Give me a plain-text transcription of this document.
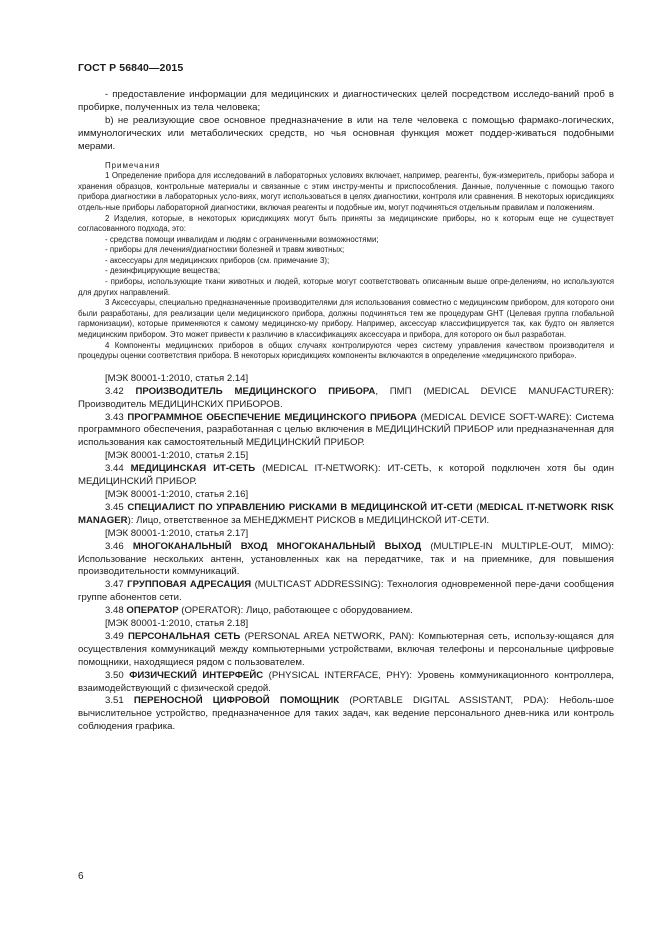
ГОСТ Р 56840—2015

- предоставление информации для медицинских и диагностических целей посредством исследо-ваний проб в пробирке, полученных из тела человека;

b) не реализующие свое основное предназначение в или на теле человека с помощью фармако-логических, иммунологических или метаболических средств, но чья основная функция может поддер-живаться подобными мерами.

Примечания

1 Определение прибора для исследований в лабораторных условиях включает, например, реагенты, буж-измеритель, приборы забора и хранения образцов, контрольные материалы и связанные с этим инстру-менты и приспособления. Данные, полученные с помощью такого прибора диагностики в лабораторных усло-виях, могут использоваться в целях диагностики, контроля или сравнения. В некоторых юрисдикциях отдель-ные приборы лабораторной диагностики, включая реагенты и подобные им, могут подчиняться отдельным правилам и положениям.

2 Изделия, которые, в некоторых юрисдикциях могут быть приняты за медицинские приборы, но к которым еще не существует согласованного подхода, это:

- средства помощи инвалидам и людям с ограниченными возможностями;

- приборы для лечения/диагностики болезней и травм животных;

- аксессуары для медицинских приборов (см. примечание 3);

- дезинфицирующие вещества;

- приборы, использующие ткани животных и людей, которые могут соответствовать описанным выше опре-делениям, но используются для других направлений.

3 Аксессуары, специально предназначенные производителями для использования совместно с медицинским прибором, для которого они были разработаны, для реализации цели медицинского прибора, должны подчиняться тем же процедурам GHT (Целевая группа глобальной гармонизации), которые применяются к самому медицинско-му прибору. Например, аксессуар классифицируется так, как будто он является медицинским прибором. Это может привести к различию в классификациях аксессуара и прибора, для которого он был разработан.

4 Компоненты медицинских приборов в общих случаях контролируются через систему управления качеством производителя и процедуры оценки соответствия прибора. В некоторых юрисдикциях компоненты включаются в определение «медицинского прибора».

[МЭК 80001-1:2010, статья 2.14]

3.42 ПРОИЗВОДИТЕЛЬ МЕДИЦИНСКОГО ПРИБОРА, ПМП (MEDICAL DEVICE MANUFACTURER): Производитель МЕДИЦИНСКИХ ПРИБОРОВ.

3.43 ПРОГРАММНОЕ ОБЕСПЕЧЕНИЕ МЕДИЦИНСКОГО ПРИБОРА (MEDICAL DEVICE SOFT-WARE): Система программного обеспечения, разработанная с целью включения в МЕДИЦИНСКИЙ ПРИБОР или предназначенная для использования как самостоятельный МЕДИЦИНСКИЙ ПРИБОР.

[МЭК 80001-1:2010, статья 2.15]

3.44 МЕДИЦИНСКАЯ ИТ-СЕТЬ (MEDICAL IT-NETWORK): ИТ-СЕТЬ, к которой подключен хотя бы один МЕДИЦИНСКИЙ ПРИБОР.

[МЭК 80001-1:2010, статья 2.16]

3.45 СПЕЦИАЛИСТ ПО УПРАВЛЕНИЮ РИСКАМИ В МЕДИЦИНСКОЙ ИТ-СЕТИ (MEDICAL IT-NETWORK RISK MANAGER): Лицо, ответственное за МЕНЕДЖМЕНТ РИСКОВ в МЕДИЦИНСКОЙ ИТ-СЕТИ.

[МЭК 80001-1:2010, статья 2.17]

3.46 МНОГОКАНАЛЬНЫЙ ВХОД МНОГОКАНАЛЬНЫЙ ВЫХОД (MULTIPLE-IN MULTIPLE-OUT, MIMO): Использование нескольких антенн, установленных как на передатчике, так и на приемнике, для повышения производительности коммуникаций.

3.47 ГРУППОВАЯ АДРЕСАЦИЯ (MULTICAST ADDRESSING): Технология одновременной пере-дачи сообщения группе абонентов сети.

3.48 ОПЕРАТОР (OPERATOR): Лицо, работающее с оборудованием.

[МЭК 80001-1:2010, статья 2.18]

3.49 ПЕРСОНАЛЬНАЯ СЕТЬ (PERSONAL AREA NETWORK, PAN): Компьютерная сеть, использу-ющаяся для осуществления коммуникаций между компьютерными устройствами, включая телефоны и персональные цифровые помощники, находящиеся рядом с пользователем.

3.50 ФИЗИЧЕСКИЙ ИНТЕРФЕЙС (PHYSICAL INTERFACE, PHY): Уровень коммуникационного контроллера, взаимодействующий с физической средой.

3.51 ПЕРЕНОСНОЙ ЦИФРОВОЙ ПОМОЩНИК (PORTABLE DIGITAL ASSISTANT, PDA): Неболь-шое вычислительное устройство, предназначенное для таких задач, как ведение персонального днев-ника или контроль соблюдения графика.

6
